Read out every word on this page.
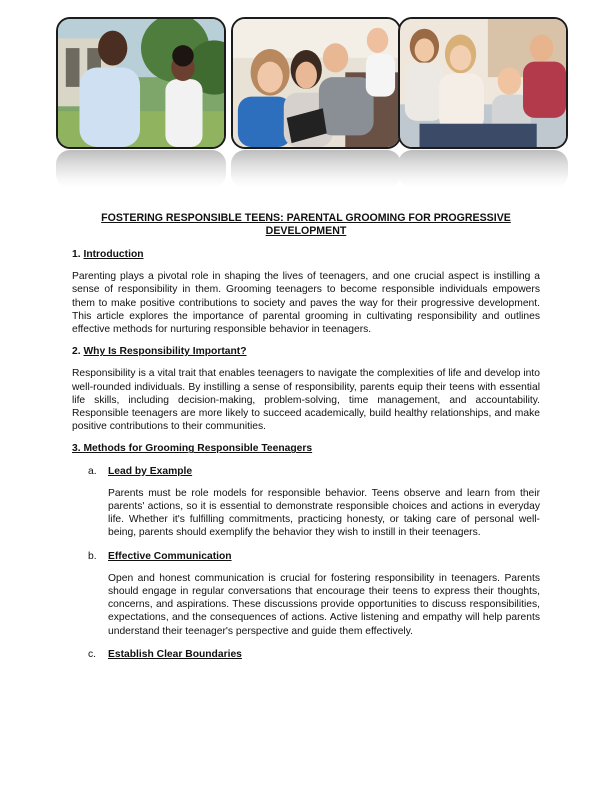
FOSTERING RESPONSIBLE TEENS: PARENTAL GROOMING FOR PROGRESSIVE DEVELOPMENT
1. Introduction

Parenting plays a pivotal role in shaping the lives of teenagers, and one crucial aspect is instilling a sense of responsibility in them. Grooming teenagers to become responsible individuals empowers them to make positive contributions to society and paves the way for their progressive development. This article explores the importance of parental grooming in cultivating responsibility and outlines effective methods for nurturing responsible behavior in teenagers.

2. Why Is Responsibility Important?

Responsibility is a vital trait that enables teenagers to navigate the complexities of life and develop into well-rounded individuals. By instilling a sense of responsibility, parents equip their teens with essential life skills, including decision-making, problem-solving, time management, and accountability. Responsible teenagers are more likely to succeed academically, build healthy relationships, and make positive contributions to their communities.

3. Methods for Grooming Responsible Teenagers
a. Lead by Example

Parents must be role models for responsible behavior. Teens observe and learn from their parents' actions, so it is essential to demonstrate responsible choices and actions in everyday life. Whether it's fulfilling commitments, practicing honesty, or taking care of personal well-being, parents should exemplify the behavior they wish to instill in their teenagers.

b. Effective Communication

Open and honest communication is crucial for fostering responsibility in teenagers. Parents should engage in regular conversations that encourage their teens to express their thoughts, concerns, and aspirations. These discussions provide opportunities to discuss responsibilities, expectations, and the consequences of actions. Active listening and empathy will help parents understand their teenager's perspective and guide them effectively.

c. Establish Clear Boundaries
